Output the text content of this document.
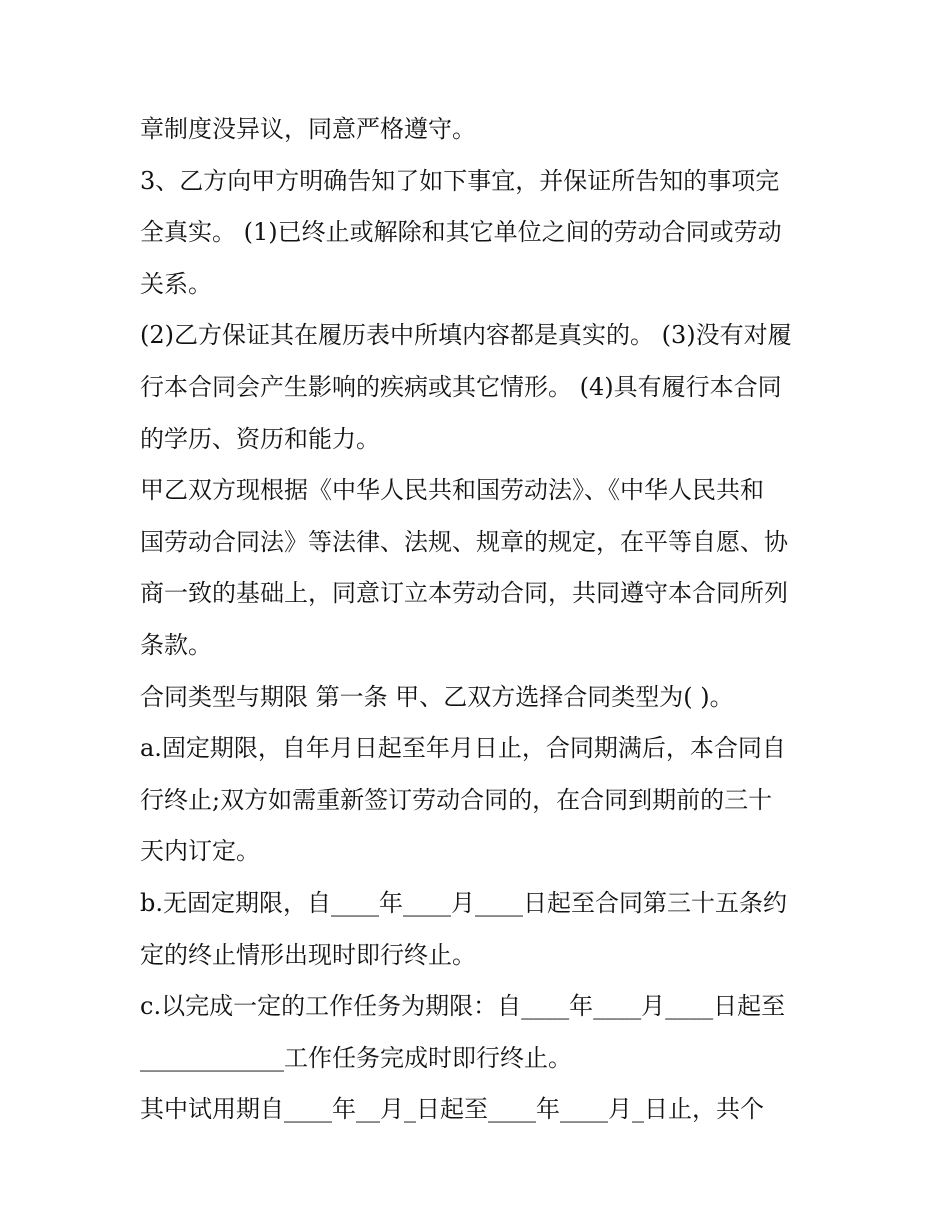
章制度没异议，同意严格遵守。
3、乙方向甲方明确告知了如下事宜，并保证所告知的事项完
全真实。 (1)已终止或解除和其它单位之间的劳动合同或劳动
关系。
(2)乙方保证其在履历表中所填内容都是真实的。 (3)没有对履
行本合同会产生影响的疾病或其它情形。 (4)具有履行本合同
的学历、资历和能力。
甲乙双方现根据《中华人民共和国劳动法》、《中华人民共和
国劳动合同法》等法律、法规、规章的规定，在平等自愿、协
商一致的基础上，同意订立本劳动合同，共同遵守本合同所列
条款。
合同类型与期限 第一条 甲、乙双方选择合同类型为( )。
a.固定期限，自年月日起至年月日止，合同期满后，本合同自
行终止;双方如需重新签订劳动合同的，在合同到期前的三十
天内订定。
b.无固定期限，自____年____月____日起至合同第三十五条约
定的终止情形出现时即行终止。
c.以完成一定的工作任务为期限：自____年____月____日起至
____________工作任务完成时即行终止。
其中试用期自____年__月_日起至____年____月_日止，共个
